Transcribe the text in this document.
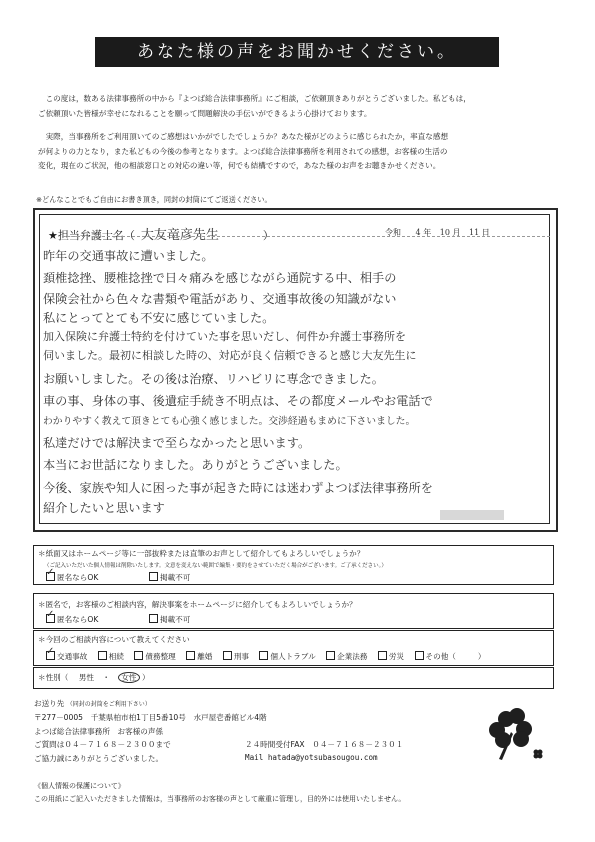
あなた様の声をお聞かせください。

この度は，数ある法律事務所の中から『よつば総合法律事務所』にご相談，ご依頼頂きありがとうございました。私どもは，

ご依頼頂いた皆様が幸せになれることを願って問題解決の手伝いができるよう心掛けております。

実際，当事務所をご利用頂いてのご感想はいかがでしたでしょうか？あなた様がどのように感じられたか，率直な感想

が何よりの力となり，また私どもの今後の参考となります。よつば総合法律事務所を利用されての感想，お客様の生活の
変化，現在のご状況，他の相談窓口との対応の違い等，何でも結構ですので，あなた様のお声をお聴きかせください。
※どんなことでもご自由にお書き頂き，同封の封筒にてご返送ください。
★担当弁護士名（ 大友竜彦先生	）	令和 4 年 10 月 11 日
昨年の交通事故に遭いました。
頚椎捻挫、腰椎捻挫で日々痛みを感じながら通院する中、相手の
保険会社から色々な書類や電話があり、交通事故後の知識がない
私にとってとても不安に感じていました。
加入保険に弁護士特約を付けていた事を思いだし、何件か弁護士事務所を
伺いました。最初に相談した時の、対応が良く信頼できると感じ大友先生に
お願いしました。その後は治療、リハビリに専念できました。
車の事、身体の事、後遺症手続き不明点は、その都度メールやお電話で
わかりやすく教えて頂きとても心強く感じました。交渉経過もまめに下さいました。
私達だけでは解決まで至らなかったと思います。
本当にお世話になりました。ありがとうございました。
今後、家族や知人に困った事が起きた時には迷わずよつば法律事務所を
紹介したいと思います
＊紙面又はホームページ等に一部抜粋または直筆のお声として紹介してもよろしいでしょうか？
（ご記入いただいた個人情報は削除いたします。文意を変えない範囲で編集・要約をさせていただく場合がございます。ご了承ください。）
✓匿名ならOK	掲載不可
＊匿名で，お客様のご相談内容，解決事案をホームページに紹介してもよろしいでしょうか？
✓匿名ならOK	掲載不可
＊今回のご相談内容について教えてください
✓交通事故	相続	債務整理	離婚	刑事	個人トラブル	企業法務	労災	その他（	）
＊性別（ 男性 ・ 女性 ）
お送り先 （同封の封筒をご利用下さい）
〒277－0005　千葉県柏市柏1丁目5番10号　水戸屋壱番館ビル4階
よつば総合法律事務所　お客様の声係
ご質問は０４－７１６８－２３００まで	２４時間受付FAX　０４－７１６８－２３０１
ご協力誠にありがとうございました。	Mail hatada@yotsubasougou.com
《個人情報の保護について》
この用紙にご記入いただきました情報は，当事務所のお客様の声として厳重に管理し，目的外には使用いたしません。
